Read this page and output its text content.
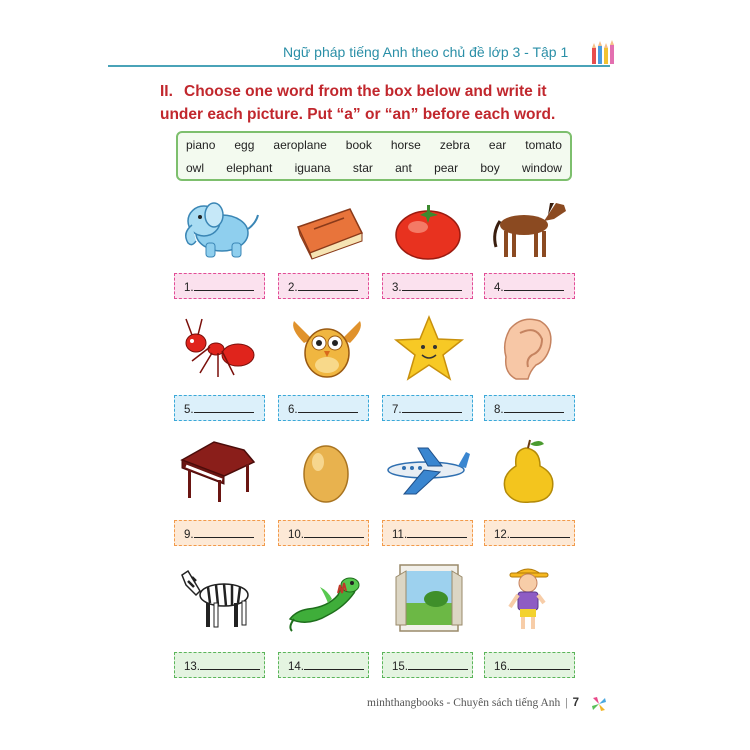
Ngữ pháp tiếng Anh theo chủ đề lớp 3 - Tập 1
II. Choose one word from the box below and write it under each picture. Put “a” or “an” before each word.
piano egg aeroplane book horse zebra ear tomato
owl elephant iguana star ant pear boy window
1.	2.	3.	4.
5.	6.	7.	8.
9.	10.	11.	12.
13.	14.	15.	16.
minhthangbooks - Chuyên sách tiếng Anh | 7
